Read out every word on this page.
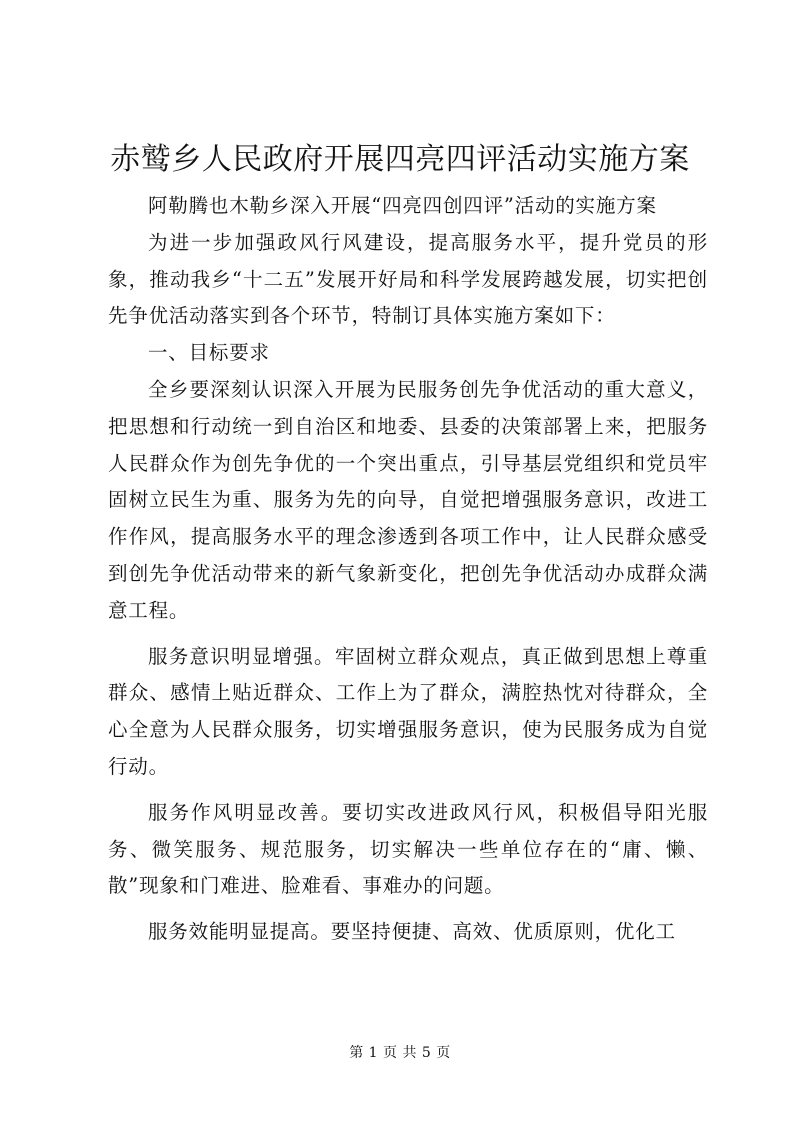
赤鹫乡人民政府开展四亮四评活动实施方案

阿勒腾也木勒乡深入开展“四亮四创四评”活动的实施方案

为进一步加强政风行风建设，提高服务水平，提升党员的形象，推动我乡“十二五”发展开好局和科学发展跨越发展，切实把创先争优活动落实到各个环节，特制订具体实施方案如下：

一、目标要求

全乡要深刻认识深入开展为民服务创先争优活动的重大意义，把思想和行动统一到自治区和地委、县委的决策部署上来，把服务人民群众作为创先争优的一个突出重点，引导基层党组织和党员牢固树立民生为重、服务为先的向导，自觉把增强服务意识，改进工作作风，提高服务水平的理念渗透到各项工作中，让人民群众感受到创先争优活动带来的新气象新变化，把创先争优活动办成群众满意工程。

服务意识明显增强。牢固树立群众观点，真正做到思想上尊重群众、感情上贴近群众、工作上为了群众，满腔热忱对待群众，全心全意为人民群众服务，切实增强服务意识，使为民服务成为自觉行动。

服务作风明显改善。要切实改进政风行风，积极倡导阳光服务、微笑服务、规范服务，切实解决一些单位存在的“庸、懒、散”现象和门难进、脸难看、事难办的问题。

服务效能明显提高。要坚持便捷、高效、优质原则，优化工

第 1 页 共 5 页
